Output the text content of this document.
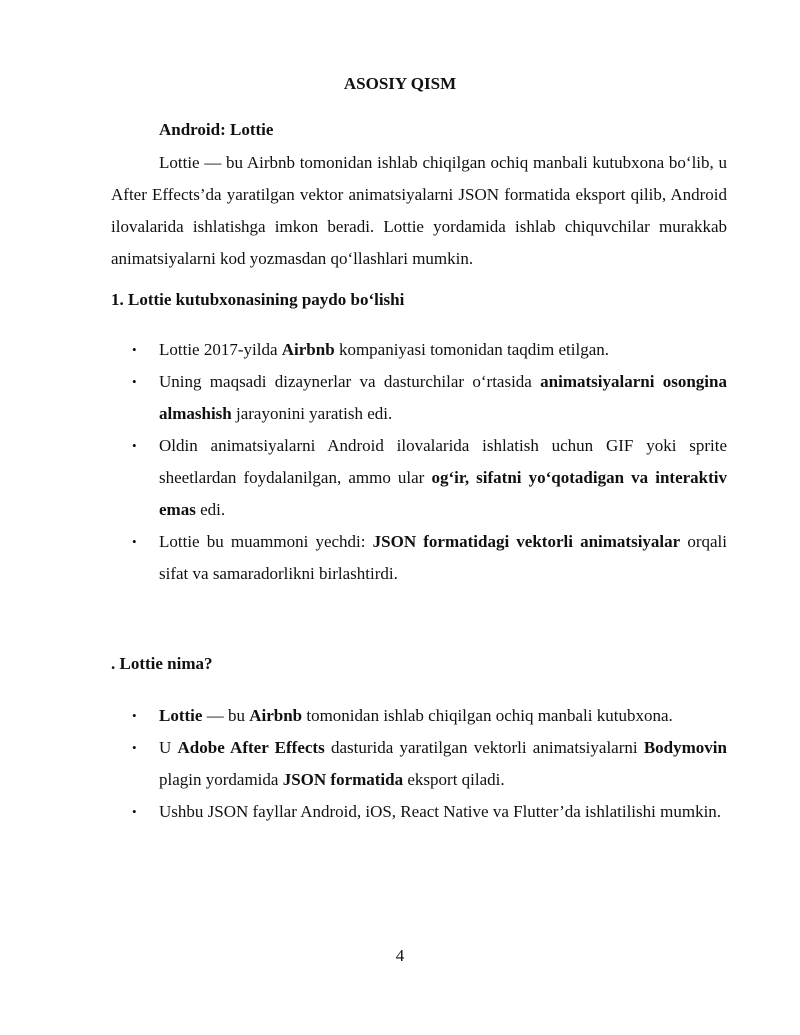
ASOSIY QISM
Android: Lottie

Lottie — bu Airbnb tomonidan ishlab chiqilgan ochiq manbali kutubxona bo‘lib, u After Effects’da yaratilgan vektor animatsiyalarni JSON formatida eksport qilib, Android ilovalarida ishlatishga imkon beradi. Lottie yordamida ishlab chiquvchilar murakkab animatsiyalarni kod yozmasdan qo‘llashlari mumkin.

1. Lottie kutubxonasining paydo bo‘lishi
• Lottie 2017-yilda Airbnb kompaniyasi tomonidan taqdim etilgan.
• Uning maqsadi dizaynerlar va dasturchilar o‘rtasida animatsiyalarni osongina almashish jarayonini yaratish edi.
• Oldin animatsiyalarni Android ilovalarida ishlatish uchun GIF yoki sprite sheetlardan foydalanilgan, ammo ular og‘ir, sifatni yo‘qotadigan va interaktiv emas edi.
• Lottie bu muammoni yechdi: JSON formatidagi vektorli animatsiyalar orqali sifat va samaradorlikni birlashtirdi.
. Lottie nima?
• Lottie — bu Airbnb tomonidan ishlab chiqilgan ochiq manbali kutubxona.
• U Adobe After Effects dasturida yaratilgan vektorli animatsiyalarni Bodymovin plagin yordamida JSON formatida eksport qiladi.
• Ushbu JSON fayllar Android, iOS, React Native va Flutter’da ishlatilishi mumkin.
4
